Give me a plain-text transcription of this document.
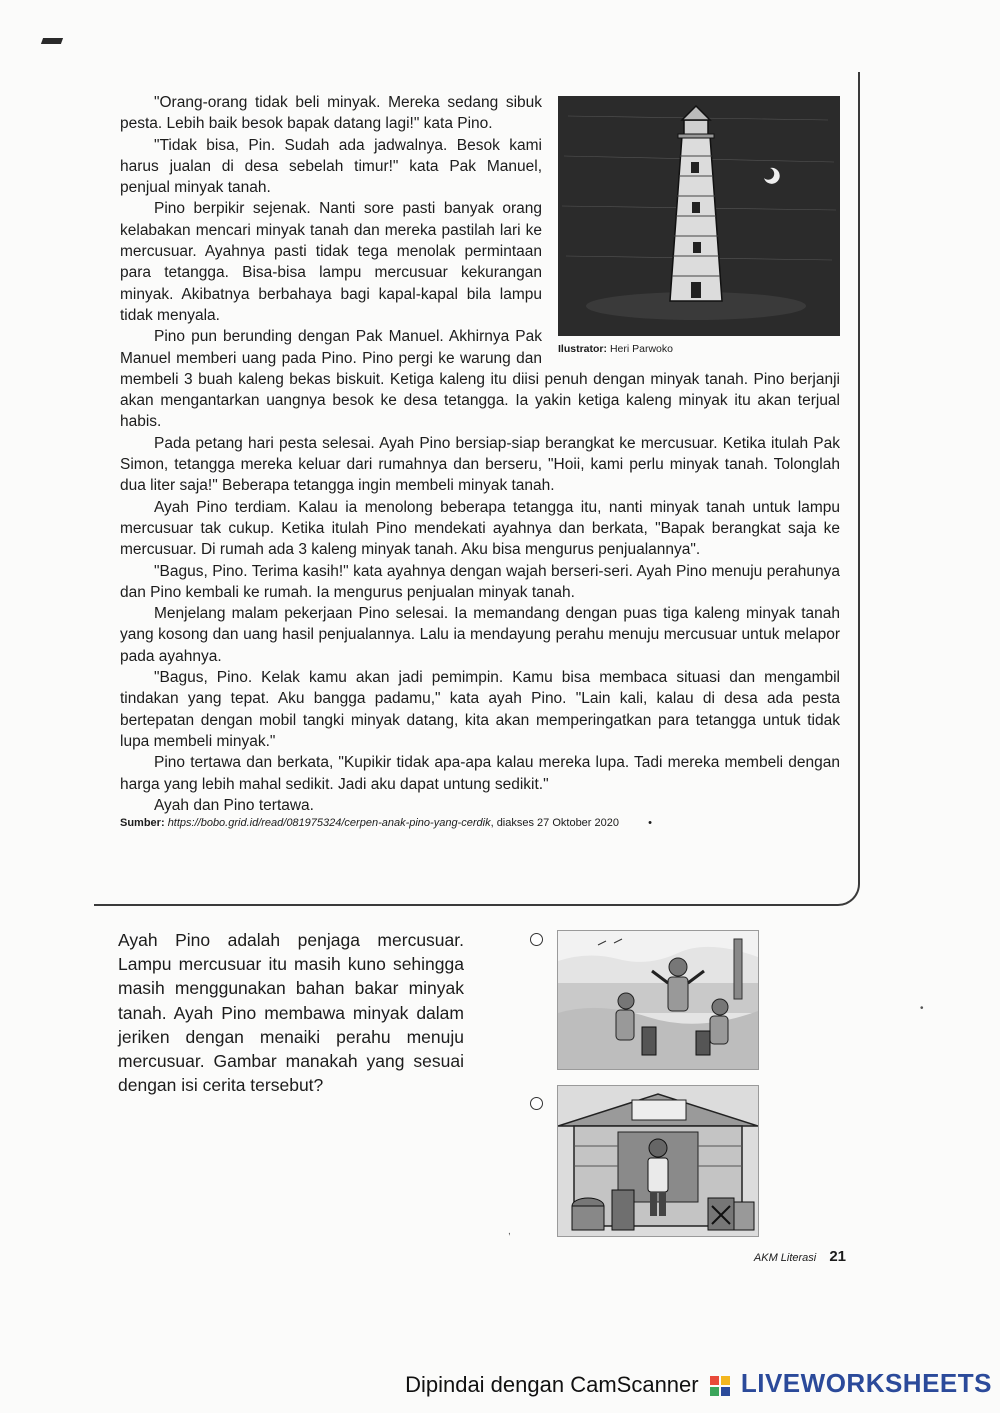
Ilustrator: Heri Parwoko

"Orang-orang tidak beli minyak. Mereka sedang sibuk pesta. Lebih baik besok bapak datang lagi!" kata Pino.

"Tidak bisa, Pin. Sudah ada jadwalnya. Besok kami harus jualan di desa sebelah timur!" kata Pak Manuel, penjual minyak tanah.

Pino berpikir sejenak. Nanti sore pasti banyak orang kelabakan mencari minyak tanah dan mereka pastilah lari ke mercusuar. Ayahnya pasti tidak tega menolak permintaan para tetangga. Bisa-bisa lampu mercusuar kekurangan minyak. Akibatnya berbahaya bagi kapal-kapal bila lampu tidak menyala.

Pino pun berunding dengan Pak Manuel. Akhirnya Pak Manuel memberi uang pada Pino. Pino pergi ke warung dan membeli 3 buah kaleng bekas biskuit. Ketiga kaleng itu diisi penuh dengan minyak tanah. Pino berjanji akan mengantarkan uangnya besok ke desa tetangga. Ia yakin ketiga kaleng minyak itu akan terjual habis.

Pada petang hari pesta selesai. Ayah Pino bersiap-siap berangkat ke mercusuar. Ketika itulah Pak Simon, tetangga mereka keluar dari rumahnya dan berseru, "Hoii, kami perlu minyak tanah. Tolonglah dua liter saja!" Beberapa tetangga ingin membeli minyak tanah.

Ayah Pino terdiam. Kalau ia menolong beberapa tetangga itu, nanti minyak tanah untuk lampu mercusuar tak cukup. Ketika itulah Pino mendekati ayahnya dan berkata, "Bapak berangkat saja ke mercusuar. Di rumah ada 3 kaleng minyak tanah. Aku bisa mengurus penjualannya".

"Bagus, Pino. Terima kasih!" kata ayahnya dengan wajah berseri-seri. Ayah Pino menuju perahunya dan Pino kembali ke rumah. Ia mengurus penjualan minyak tanah.

Menjelang malam pekerjaan Pino selesai. Ia memandang dengan puas tiga kaleng minyak tanah yang kosong dan uang hasil penjualannya. Lalu ia mendayung perahu menuju mercusuar untuk melapor pada ayahnya.

"Bagus, Pino. Kelak kamu akan jadi pemimpin. Kamu bisa membaca situasi dan mengambil tindakan yang tepat. Aku bangga padamu," kata ayah Pino. "Lain kali, kalau di desa ada pesta bertepatan dengan mobil tangki minyak datang, kita akan memperingatkan para tetangga untuk tidak lupa membeli minyak."

Pino tertawa dan berkata, "Kupikir tidak apa-apa kalau mereka lupa. Tadi mereka membeli dengan harga yang lebih mahal sedikit. Jadi aku dapat untung sedikit."

Ayah dan Pino tertawa.

Sumber: https://bobo.grid.id/read/081975324/cerpen-anak-pino-yang-cerdik, diakses 27 Oktober 2020	•

Ayah Pino adalah penjaga mercusuar. Lampu mercusuar itu masih kuno sehingga masih menggunakan bahan bakar minyak tanah. Ayah Pino membawa minyak dalam jeriken dengan menaiki perahu menuju mercusuar. Gambar manakah yang sesuai dengan isi cerita tersebut?
•
,
AKM Literasi 21
Dipindai dengan CamScanner LIVEWORKSHEETS
